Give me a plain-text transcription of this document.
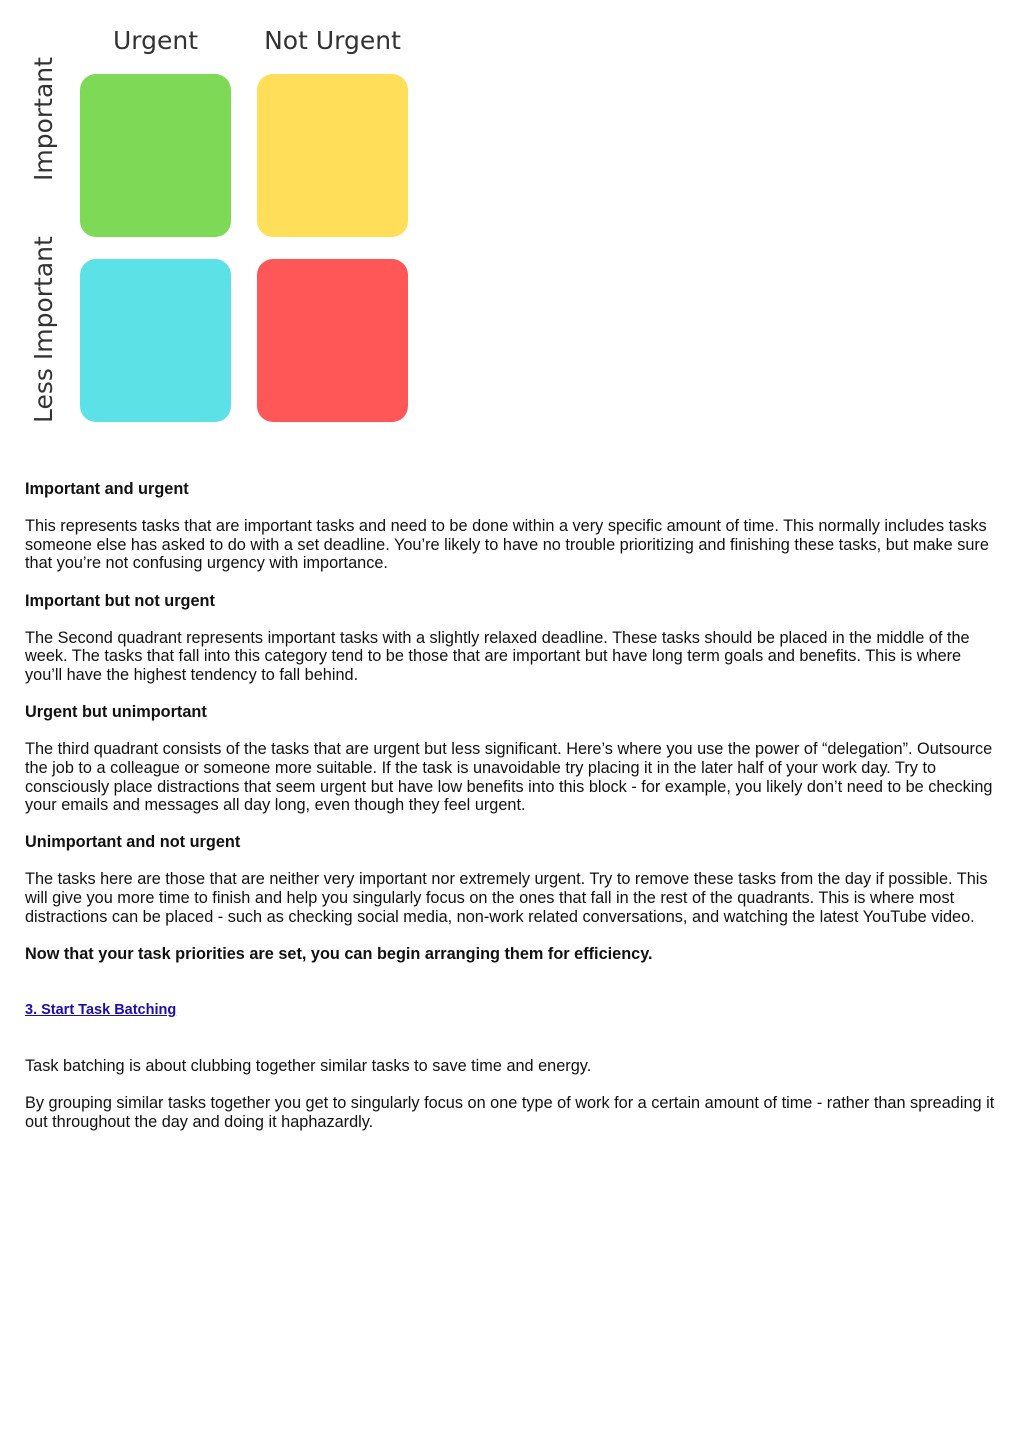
Urgent	Not Urgent
Important
Less Important
Important and urgent

This represents tasks that are important tasks and need to be done within a very specific amount of time. This normally includes tasks someone else has asked to do with a set deadline. You’re likely to have no trouble prioritizing and finishing these tasks, but make sure that you’re not confusing urgency with importance.

Important but not urgent

The Second quadrant represents important tasks with a slightly relaxed deadline. These tasks should be placed in the middle of the week. The tasks that fall into this category tend to be those that are important but have long term goals and benefits. This is where you’ll have the highest tendency to fall behind.

Urgent but unimportant

The third quadrant consists of the tasks that are urgent but less significant. Here’s where you use the power of “delegation”. Outsource the job to a colleague or someone more suitable. If the task is unavoidable try placing it in the later half of your work day. Try to consciously place distractions that seem urgent but have low benefits into this block - for example, you likely don’t need to be checking your emails and messages all day long, even though they feel urgent.

Unimportant and not urgent

The tasks here are those that are neither very important nor extremely urgent. Try to remove these tasks from the day if possible. This will give you more time to finish and help you singularly focus on the ones that fall in the rest of the quadrants. This is where most distractions can be placed - such as checking social media, non-work related conversations, and watching the latest YouTube video.

Now that your task priorities are set, you can begin arranging them for efficiency.

3. Start Task Batching

Task batching is about clubbing together similar tasks to save time and energy.

By grouping similar tasks together you get to singularly focus on one type of work for a certain amount of time - rather than spreading it out throughout the day and doing it haphazardly.
